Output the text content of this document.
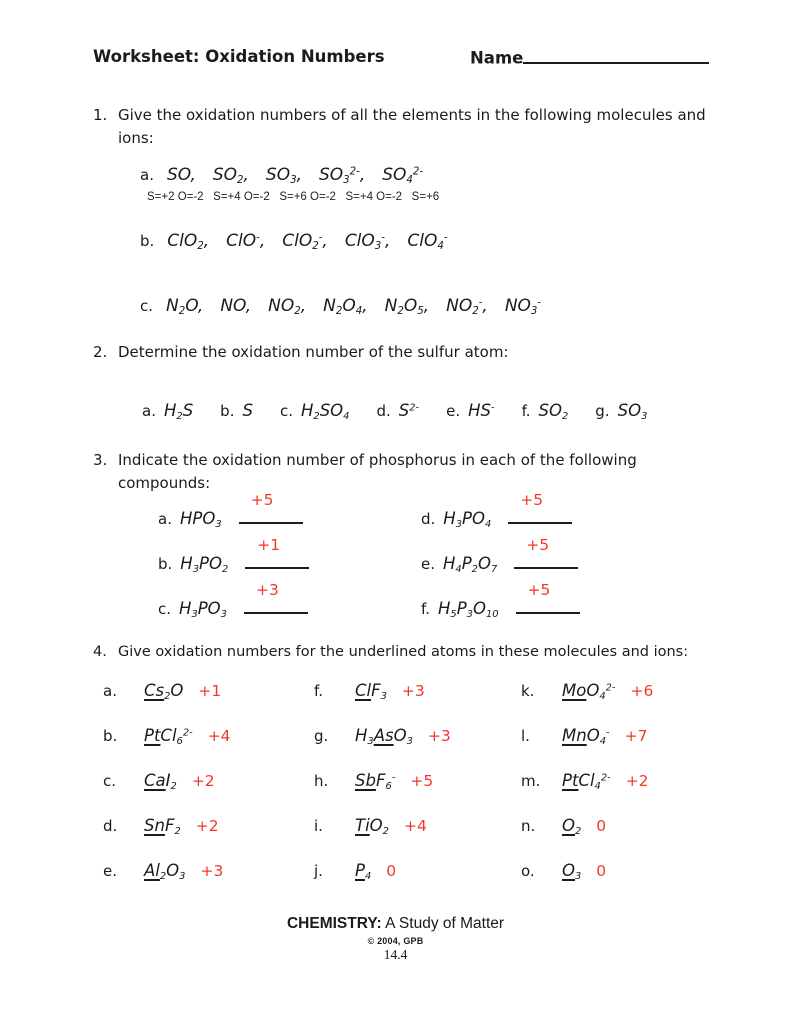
Worksheet: Oxidation Numbers	Name
1. Give the oxidation numbers of all the elements in the following molecules and
ions:
a. SO, $SO_2$, $SO_3$, $SO_3^{2-}$, $SO_4^{2-}$
S=+2 O=-2   S=+4 O=-2   S=+6 O=-2   S=+4 O=-2   S=+6
b. ClO$_2$, ClO-, ClO$_2$-, ClO$_3$-, ClO$_4$-
c. $N_2O$, NO, $NO_2$, $N_2O_4$, $N_2O_5$, $NO_2^-$, $NO_3^-$
2. Determine the oxidation number of the sulfur atom:
a. $H_2S$ b. S c. $H_2SO_4$ d. $S^{2-}$ e. HS- f. $SO_2$ g. $SO_3$
3. Indicate the oxidation number of phosphorus in each of the following
compounds:
a. $HPO_3$
+5
b. $H_3PO_2$
+1
c. $H_3PO_3$
+3
d. $H_3PO_4$
+5
e. $H_4P_2O_7$
+5
f. $H_5P_3O_{10}$
+5
4. Give oxidation numbers for the underlined atoms in these molecules and ions:
a. $Cs_2O +1$
b. PtCl$_6^{2-}$ +4
c. CaI$_2$ +2
d. SnF$_2$ +2
e. $Al_2O_3 +3$
f. ClF$_3$ +3
g. $H_3AsO_3 +3$
h. SbF$_6$- +5
i. TiO$_2$ +4
j. $P_4$ 0
k. MoO$_4^{2-}$ +6
l. MnO$_4$- +7
m. PtCl$_4^{2-}$ +2
n. $O_2$ 0
o. $O_3$ 0
CHEMISTRY: A Study of Matter
© 2004, GPB
14.4
